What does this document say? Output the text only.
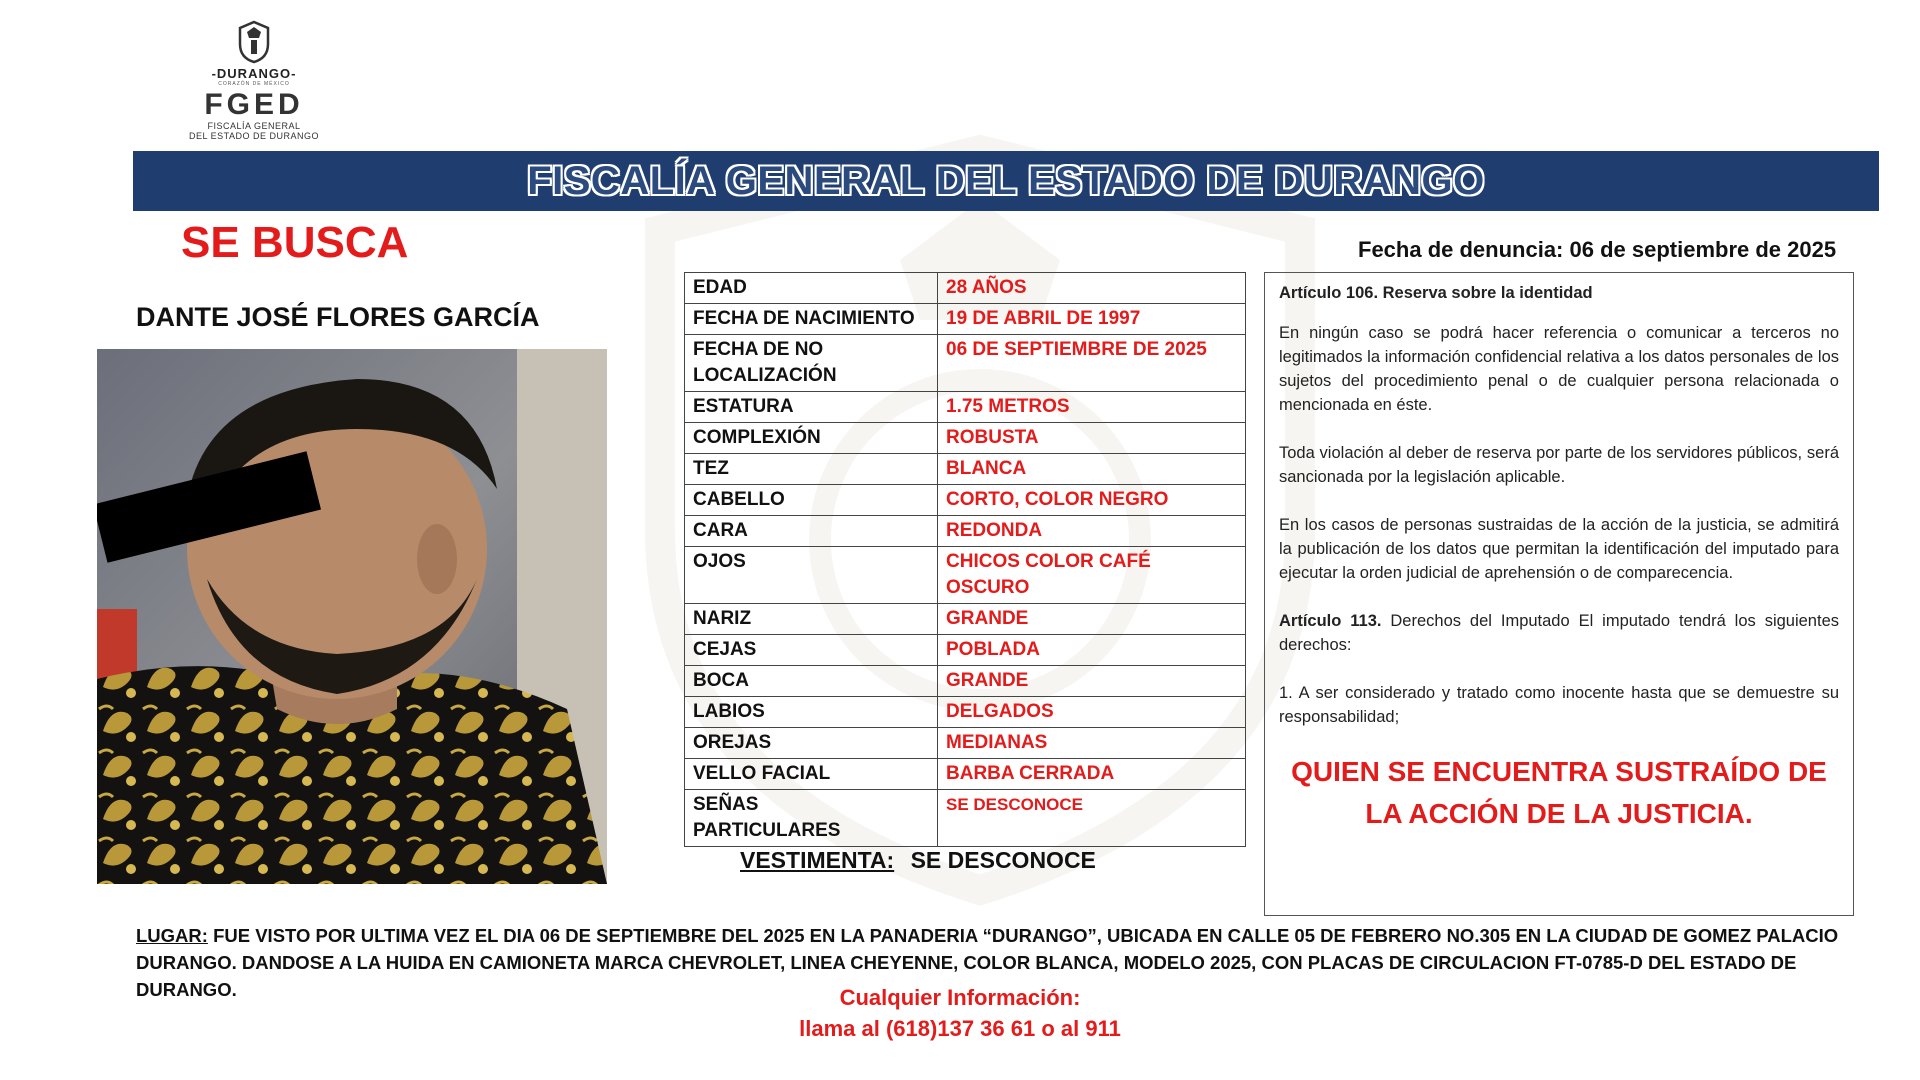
-DURANGO-
CORAZÓN DE MÉXICO
FGED
FISCALÍA GENERAL
DEL ESTADO DE DURANGO
FISCALÍA GENERAL DEL ESTADO DE DURANGO
SE BUSCA
DANTE JOSÉ FLORES GARCÍA
EDAD	28 AÑOS
FECHA DE NACIMIENTO	19 DE ABRIL DE 1997
FECHA DE NO
LOCALIZACIÓN	06 DE SEPTIEMBRE DE 2025
ESTATURA	1.75 METROS
COMPLEXIÓN	ROBUSTA
TEZ	BLANCA
CABELLO	CORTO, COLOR NEGRO
CARA	REDONDA
OJOS	CHICOS COLOR CAFÉ OSCURO
NARIZ	GRANDE
CEJAS	POBLADA
BOCA	GRANDE
LABIOS	DELGADOS
OREJAS	MEDIANAS
VELLO FACIAL	BARBA CERRADA
SEÑAS
PARTICULARES	SE DESCONOCE
VESTIMENTA: SE DESCONOCE
Fecha de denuncia: 06 de septiembre de 2025

Artículo 106. Reserva sobre la identidad

En ningún caso se podrá hacer referencia o comunicar a terceros no legitimados la información confidencial relativa a los datos personales de los sujetos del procedimiento penal o de cualquier persona relacionada o mencionada en éste.

Toda violación al deber de reserva por parte de los servidores públicos, será sancionada por la legislación aplicable.

En los casos de personas sustraidas de la acción de la justicia, se admitirá la publicación de los datos que permitan la identificación del imputado para ejecutar la orden judicial de aprehensión o de comparecencia.

Artículo 113. Derechos del Imputado El imputado tendrá los siguientes derechos:

1. A ser considerado y tratado como inocente hasta que se demuestre su responsabilidad;

QUIEN SE ENCUENTRA SUSTRAÍDO DE LA ACCIÓN DE LA JUSTICIA.
LUGAR: FUE VISTO POR ULTIMA VEZ EL DIA 06 DE SEPTIEMBRE DEL 2025 EN LA PANADERIA “DURANGO”, UBICADA EN CALLE 05 DE FEBRERO NO.305 EN LA CIUDAD DE GOMEZ PALACIO DURANGO. DANDOSE A LA HUIDA EN CAMIONETA MARCA CHEVROLET, LINEA CHEYENNE, COLOR BLANCA, MODELO 2025, CON PLACAS DE CIRCULACION FT-0785-D DEL ESTADO DE DURANGO.	Cualquier Información:
llama al (618)137 36 61 o al 911
